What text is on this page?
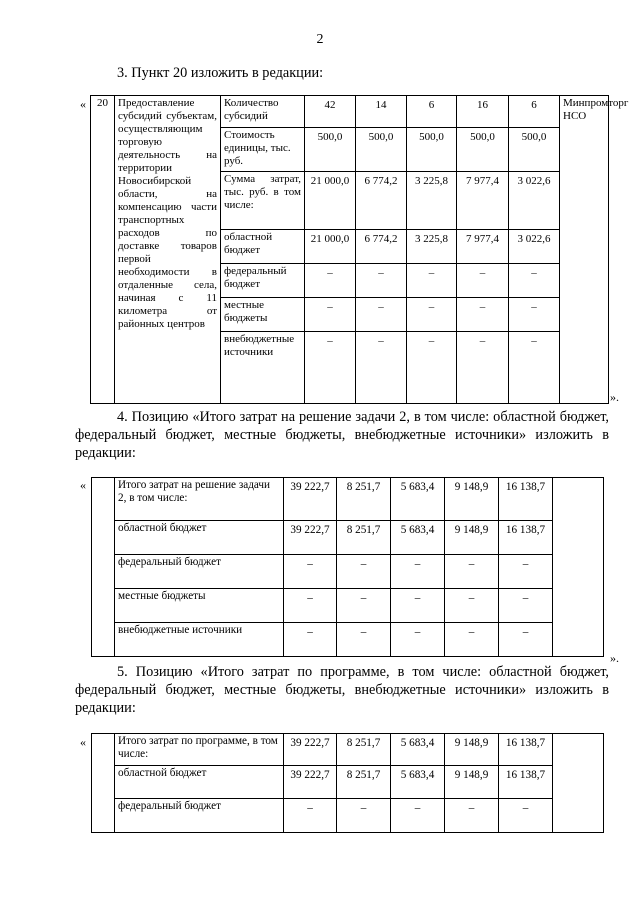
2
3. Пункт 20 изложить в редакции:
« 20	Предоставление субсидий субъектам, осуществляющим торговую деятельность на территории Новосибирской области, на компенсацию части транспортных расходов по доставке товаров первой необходимости в отдаленные села, начиная с 11 километра от районных центров	Количество субсидий	42	14	6	16	6	Минпромторг НСО
		Стоимость единицы, тыс. руб.	500,0	500,0	500,0	500,0	500,0	
		Сумма затрат, тыс. руб. в том числе:	21 000,0	6 774,2	3 225,8	7 977,4	3 022,6	
		областной бюджет	21 000,0	6 774,2	3 225,8	7 977,4	3 022,6	
		федеральный бюджет	–	–	–	–	–	
		местные бюджеты	–	–	–	–	–	
		внебюджетные источники	–	–	–	–	–	
».
4. Позицию «Итого затрат на решение задачи 2, в том числе: областной бюджет, федеральный бюджет, местные бюджеты, внебюджетные источники» изложить в редакции:
«
		Итого затрат на решение задачи 2, в том числе:	39 222,7	8 251,7	5 683,4	9 148,9	16 138,7	
	областной бюджет	39 222,7	8 251,7	5 683,4	9 148,9	16 138,7	
	федеральный бюджет	–	–	–	–	–	
	местные бюджеты	–	–	–	–	–	
	внебюджетные источники	–	–	–	–	–	
».
5. Позицию «Итого затрат по программе, в том числе: областной бюджет, федеральный бюджет, местные бюджеты, внебюджетные источники» изложить в редакции:
«
		Итого затрат по программе, в том числе:	39 222,7	8 251,7	5 683,4	9 148,9	16 138,7	
	областной бюджет	39 222,7	8 251,7	5 683,4	9 148,9	16 138,7	
	федеральный бюджет	–	–	–	–	–	
